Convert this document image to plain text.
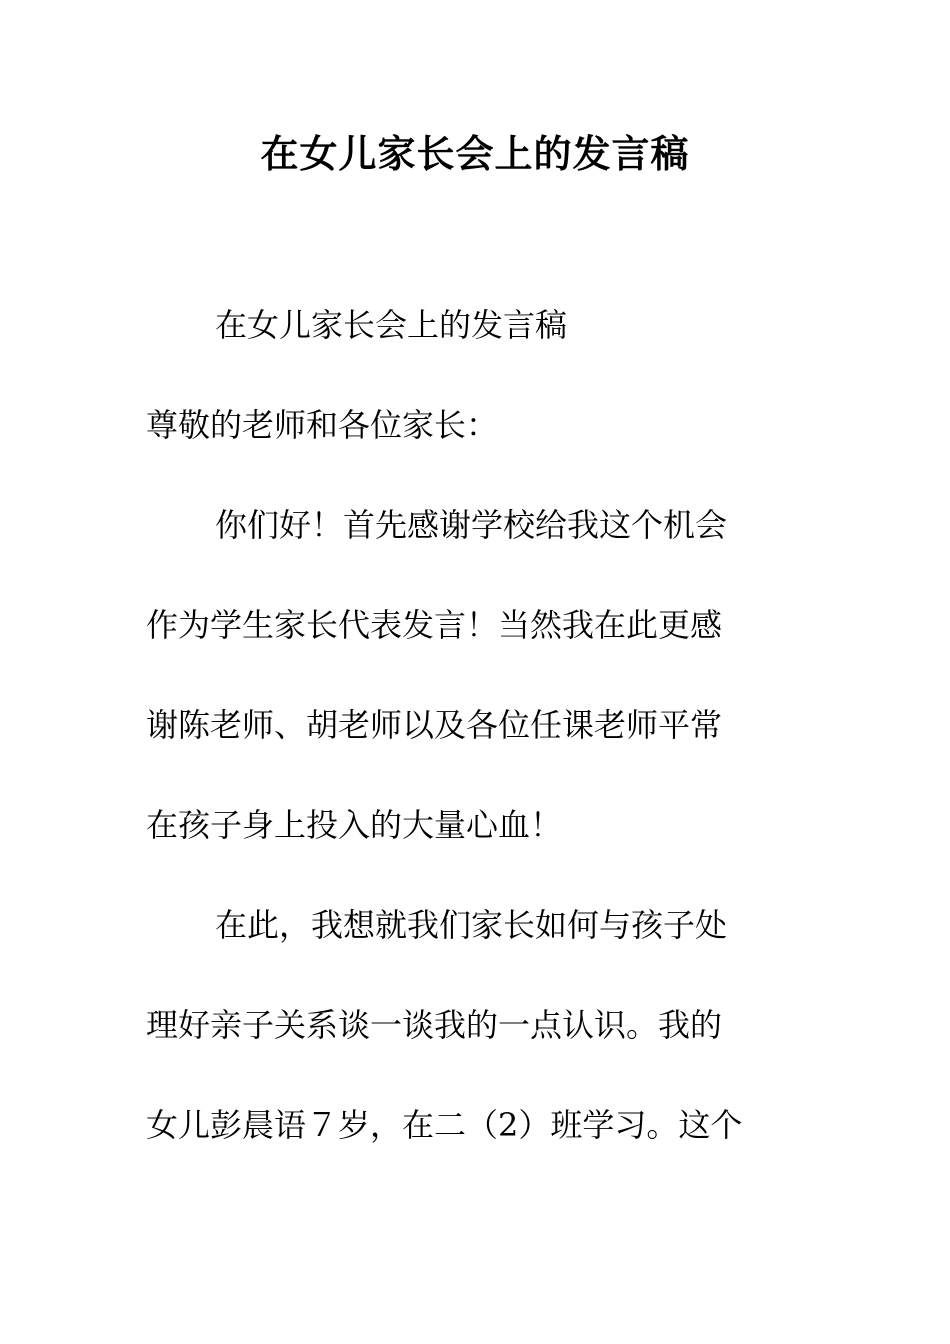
在女儿家长会上的发言稿

在女儿家长会上的发言稿

尊敬的老师和各位家长：

你们好！首先感谢学校给我这个机会

作为学生家长代表发言！当然我在此更感

谢陈老师、胡老师以及各位任课老师平常

在孩子身上投入的大量心血！

在此，我想就我们家长如何与孩子处

理好亲子关系谈一谈我的一点认识。我的

女儿彭晨语７岁，在二（2）班学习。这个
